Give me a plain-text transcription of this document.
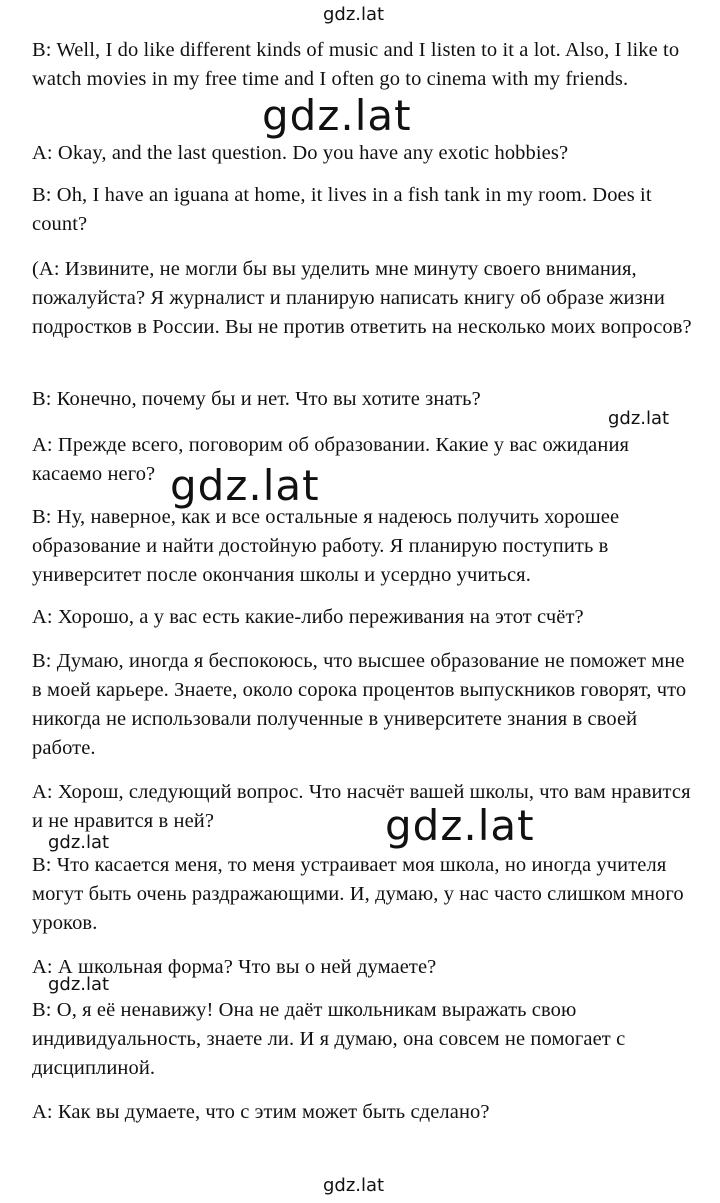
gdz.lat

B: Well, I do like different kinds of music and I listen to it a lot. Also, I like to watch movies in my free time and I often go to cinema with my friends.

gdz.lat

A: Okay, and the last question. Do you have any exotic hobbies?

B: Oh, I have an iguana at home, it lives in a fish tank in my room. Does it count?

(A: Извините, не могли бы вы уделить мне минуту своего внимания, пожалуйста? Я журналист и планирую написать книгу об образе жизни подростков в России. Вы не против ответить на несколько моих вопросов?

B: Конечно, почему бы и нет. Что вы хотите знать?

gdz.lat

A: Прежде всего, поговорим об образовании. Какие у вас ожидания касаемо него? gdz.lat

B: Ну, наверное, как и все остальные я надеюсь получить хорошее образование и найти достойную работу. Я планирую поступить в университет после окончания школы и усердно учиться.

A: Хорошо, а у вас есть какие-либо переживания на этот счёт?

B: Думаю, иногда я беспокоюсь, что высшее образование не поможет мне в моей карьере. Знаете, около сорока процентов выпускников говорят, что никогда не использовали полученные в университете знания в своей работе.

A: Хорош, следующий вопрос. Что насчёт вашей школы, что вам нравится и не нравится в ней?	gdz.lat
gdz.lat

B: Что касается меня, то меня устраивает моя школа, но иногда учителя могут быть очень раздражающими. И, думаю, у нас часто слишком много уроков.

A: А школьная форма? Что вы о ней думаете?

gdz.lat

B: О, я её ненавижу! Она не даёт школьникам выражать свою индивидуальность, знаете ли. И я думаю, она совсем не помогает с дисциплиной.

A: Как вы думаете, что с этим может быть сделано?

gdz.lat
